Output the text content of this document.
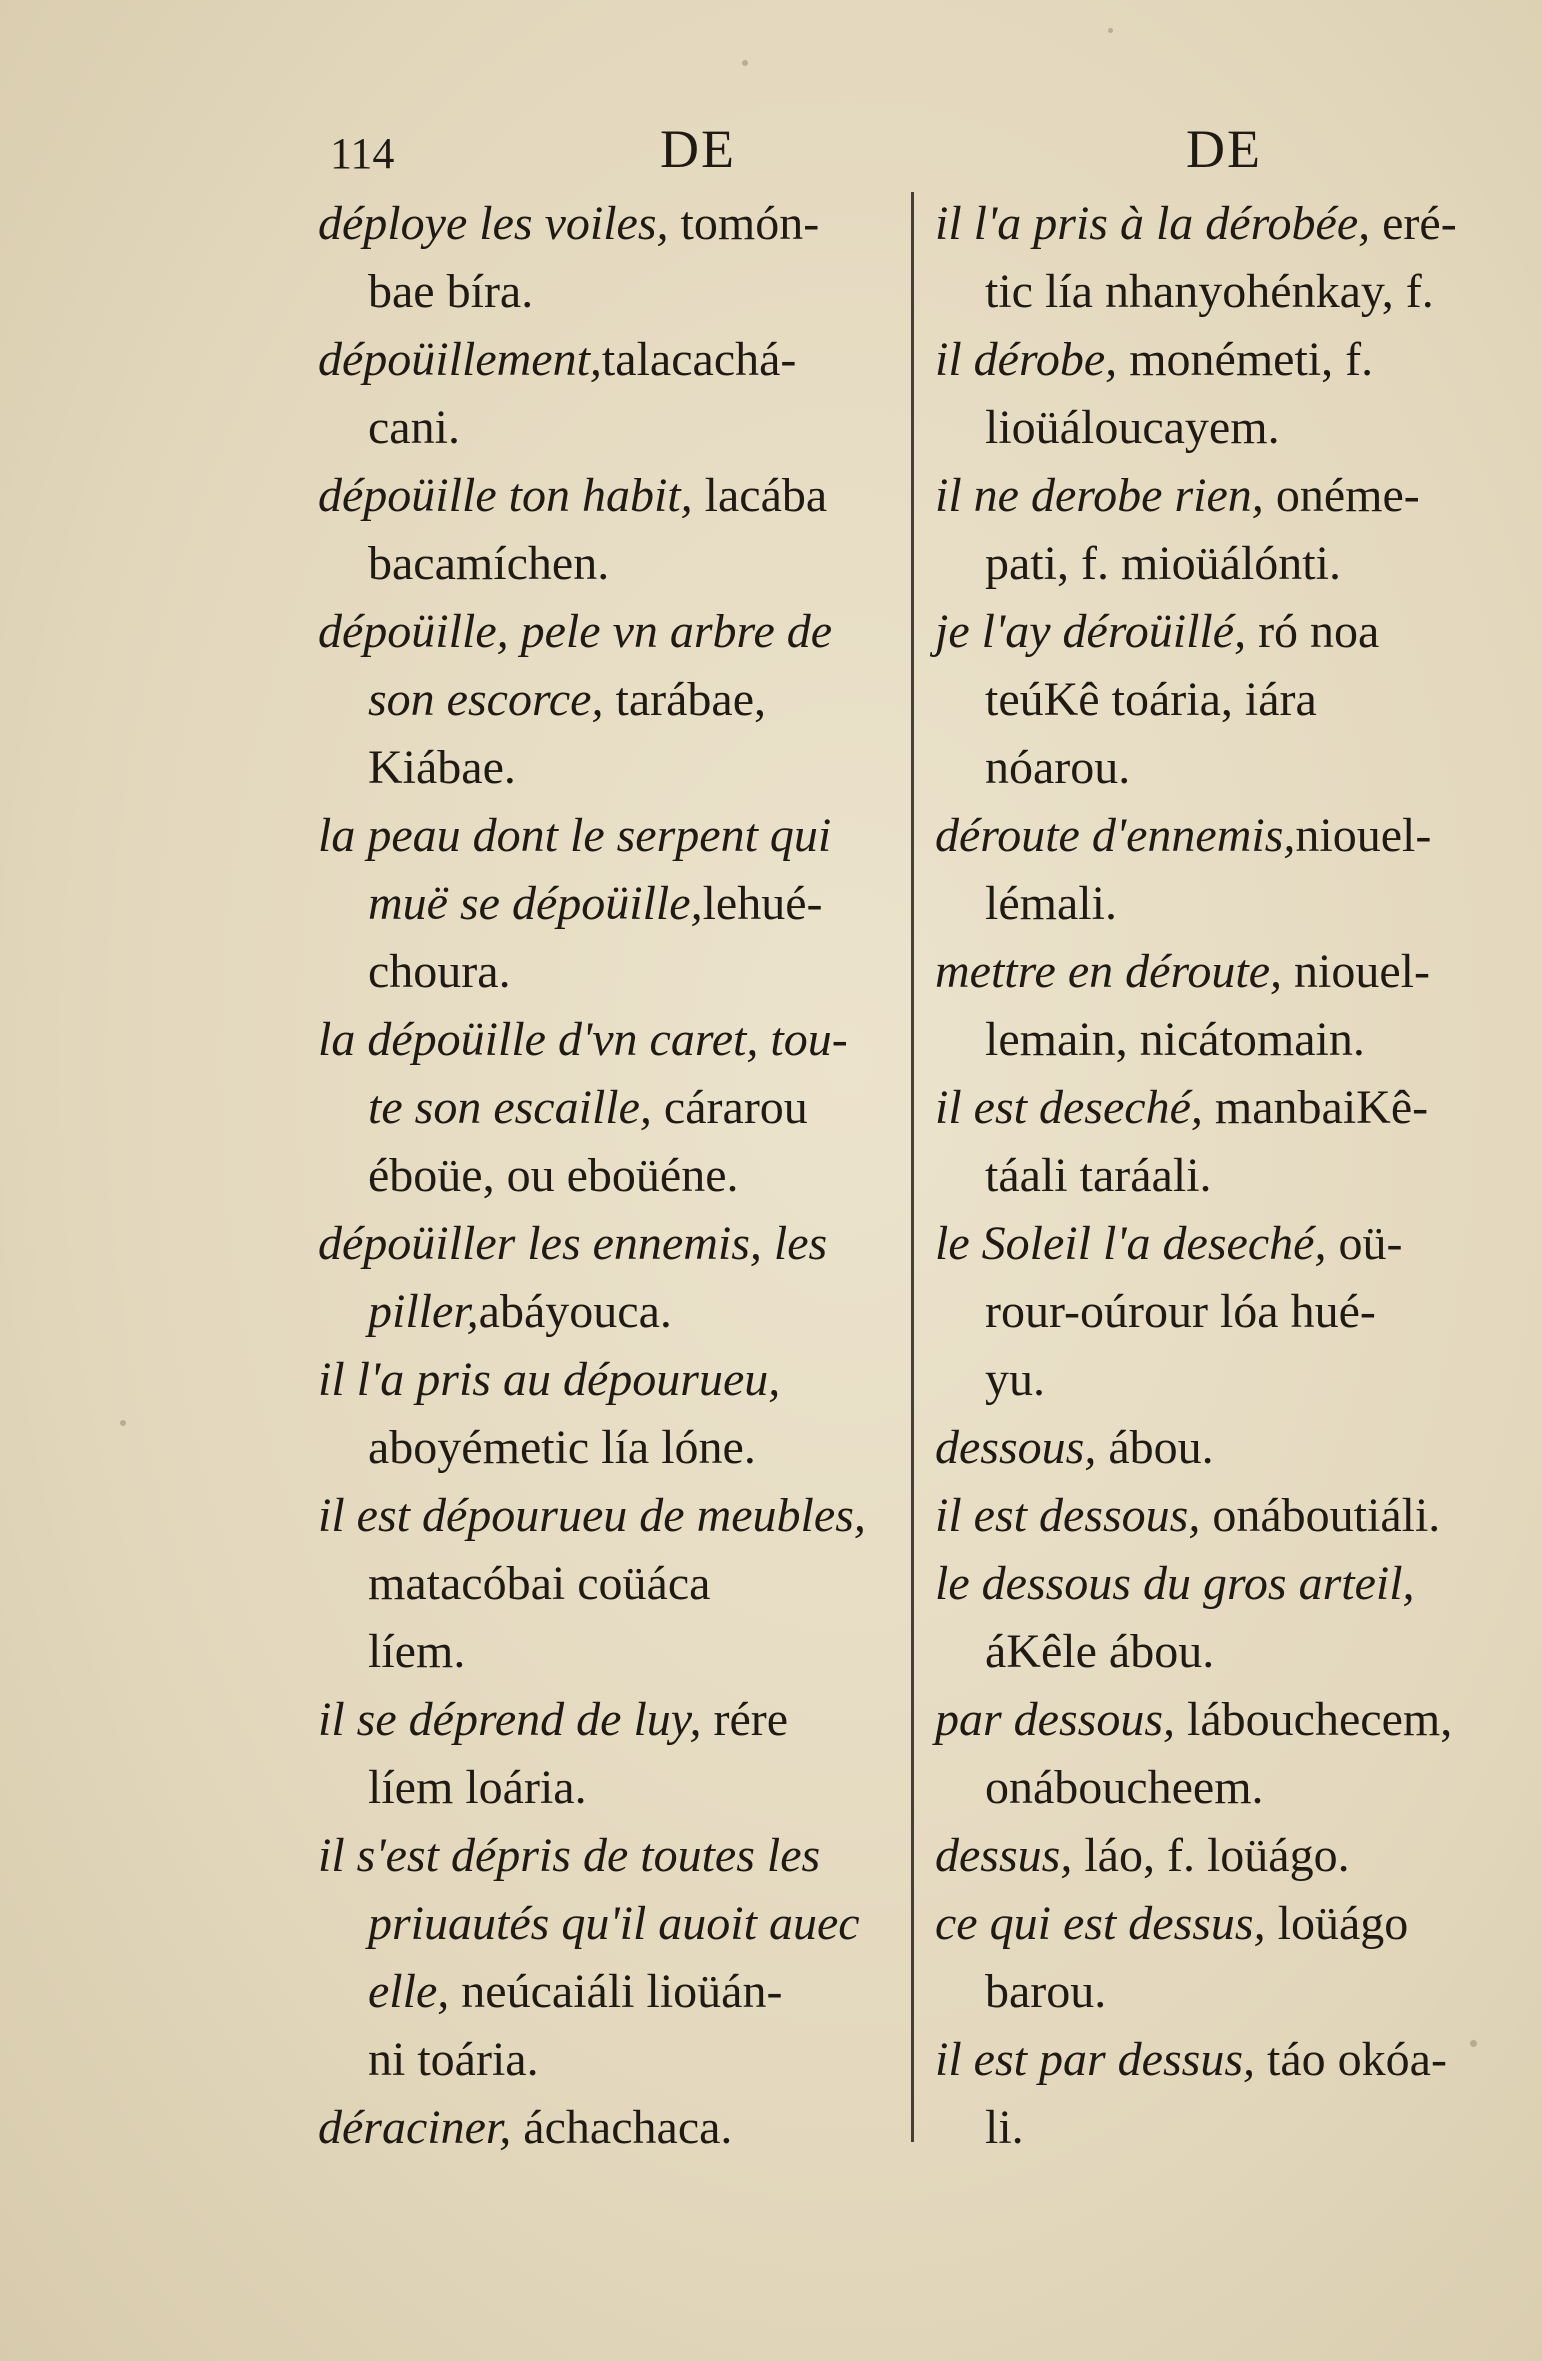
114	DE	DE
déploye les voiles, tomón-
bae bíra.
dépoüillement,talacachá-
cani.
dépoüille ton habit, lacába
bacamíchen.
dépoüille, pele vn arbre de
son escorce, tarábae,
Kiábae.
la peau dont le serpent qui
muë se dépoüille,lehué-
choura.
la dépoüille d'vn caret, tou-
te son escaille, cárarou
éboüe, ou eboüéne.
dépoüiller les ennemis, les
piller,abáyouca.
il l'a pris au dépourueu,
aboyémetic lía lóne.
il est dépourueu de meubles,
matacóbai coüáca
líem.
il se déprend de luy, rére
líem loária.
il s'est dépris de toutes les
priuautés qu'il auoit auec
elle, neúcaiáli lioüán-
ni toária.
déraciner, áchachaca.
il l'a pris à la dérobée, eré-
tic lía nhanyohénkay, f.
il dérobe, monémeti, f.
lioüáloucayem.
il ne derobe rien, onéme-
pati, f. mioüálónti.
je l'ay déroüillé, ró noa
teúKê toária, iára
nóarou.
déroute d'ennemis,niouel-
lémali.
mettre en déroute, niouel-
lemain, nicátomain.
il est deseché, manbaiKê-
táali taráali.
le Soleil l'a deseché, oü-
rour-oúrour lóa hué-
yu.
dessous, ábou.
il est dessous, onáboutiáli.
le dessous du gros arteil,
áKêle ábou.
par dessous, lábouchecem,
onáboucheem.
dessus, láo, f. loüágo.
ce qui est dessus, loüágo
barou.
il est par dessus, táo okóa-
li.
